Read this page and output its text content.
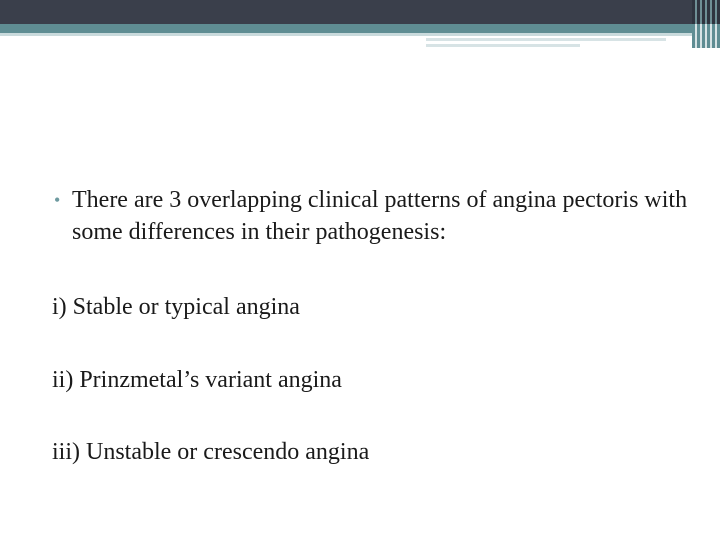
• There are 3 overlapping clinical patterns of angina pectoris with some differences in their pathogenesis:

i) Stable or typical angina

ii) Prinzmetal’s variant angina

iii) Unstable or crescendo angina
